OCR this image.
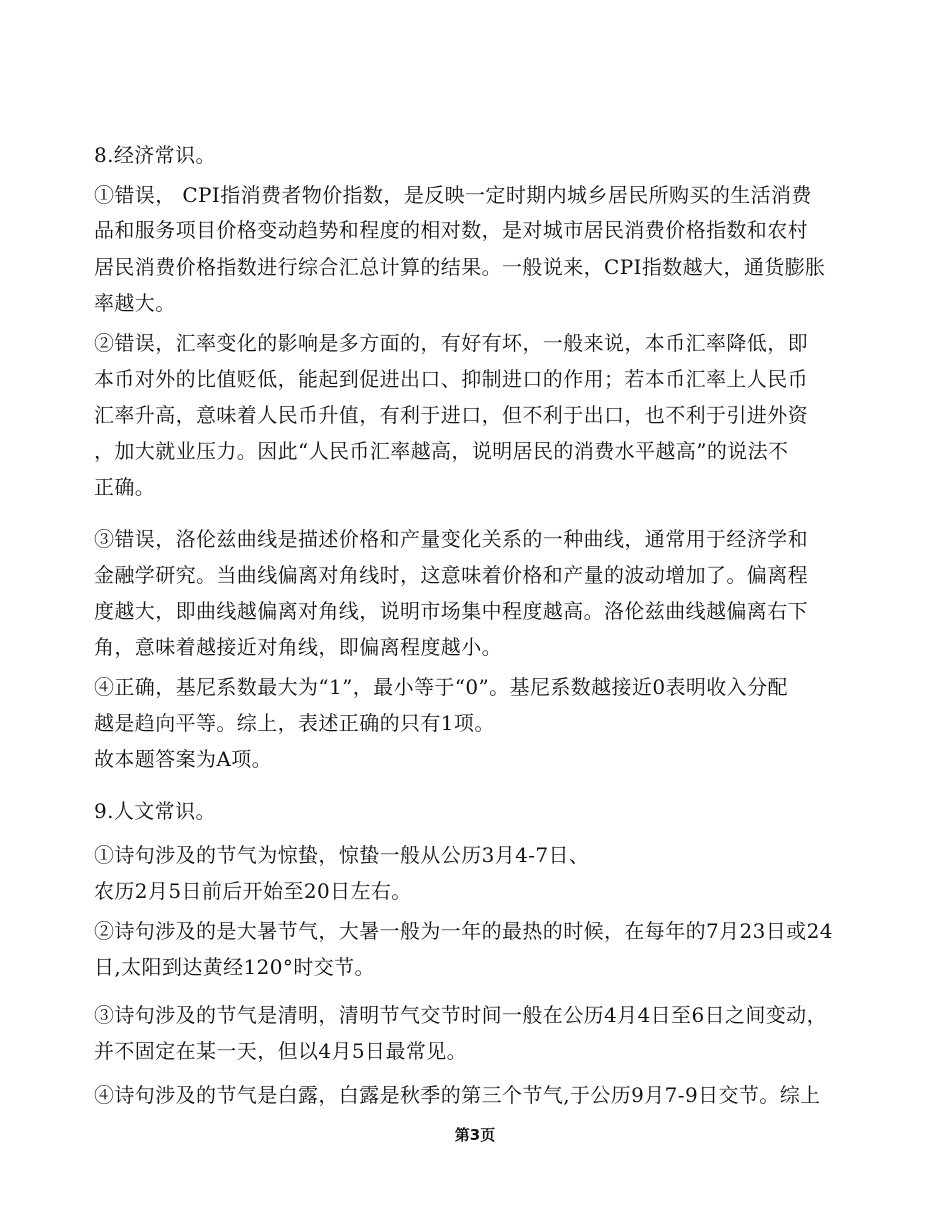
8.经济常识。
①错误， CPI指消费者物价指数，是反映一定时期内城乡居民所购买的生活消费
品和服务项目价格变动趋势和程度的相对数，是对城市居民消费价格指数和农村
居民消费价格指数进行综合汇总计算的结果。一般说来，CPI指数越大，通货膨胀
率越大。
②错误，汇率变化的影响是多方面的，有好有坏，一般来说，本币汇率降低，即
本币对外的比值贬低，能起到促进出口、抑制进口的作用；若本币汇率上人民币
汇率升高，意味着人民币升值，有利于进口，但不利于出口，也不利于引进外资
，加大就业压力。因此“人民币汇率越高，说明居民的消费水平越高”的说法不
正确。
③错误，洛伦兹曲线是描述价格和产量变化关系的一种曲线，通常用于经济学和
金融学研究。当曲线偏离对角线时，这意味着价格和产量的波动增加了。偏离程
度越大，即曲线越偏离对角线，说明市场集中程度越高。洛伦兹曲线越偏离右下
角，意味着越接近对角线，即偏离程度越小。
④正确，基尼系数最大为“1”，最小等于“0”。基尼系数越接近0表明收入分配
越是趋向平等。综上，表述正确的只有1项。
故本题答案为A项。
9.人文常识。
①诗句涉及的节气为惊蛰，惊蛰一般从公历3月4-7日、
农历2月5日前后开始至20日左右。
②诗句涉及的是大暑节气，大暑一般为一年的最热的时候，在每年的7月23日或24
日,太阳到达黄经120°时交节。
③诗句涉及的节气是清明，清明节气交节时间一般在公历4月4日至6日之间变动，
并不固定在某一天，但以4月5日最常见。
④诗句涉及的节气是白露，白露是秋季的第三个节气,于公历9月7-9日交节。综上
第3页
